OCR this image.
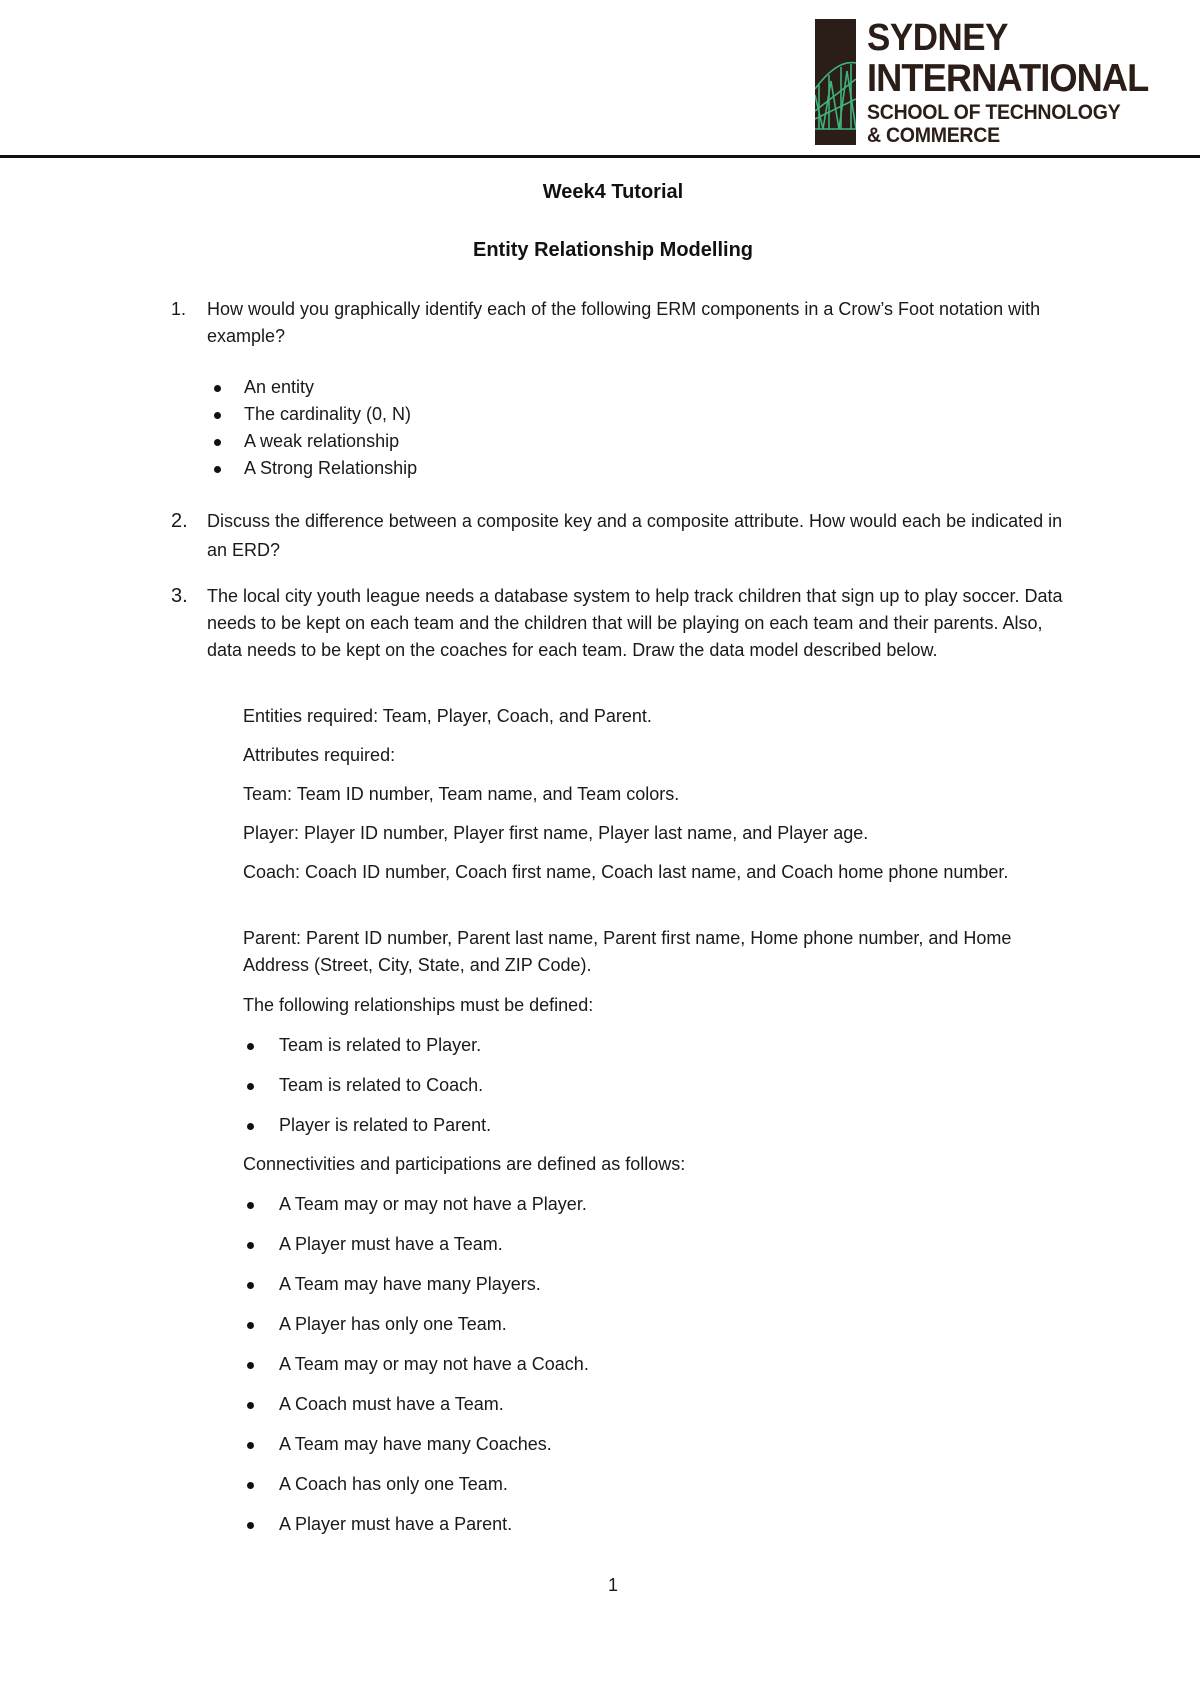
SYDNEY
INTERNATIONAL
SCHOOL OF TECHNOLOGY
& COMMERCE
Week4 Tutorial
Entity Relationship Modelling
1.	How would you graphically identify each of the following ERM components in a Crow’s Foot notation with example?
An entity
The cardinality (0, N)
A weak relationship
A Strong Relationship
2.	Discuss the difference between a composite key and a composite attribute. How would each be indicated in an ERD?
3.	The local city youth league needs a database system to help track children that sign up to play soccer. Data needs to be kept on each team and the children that will be playing on each team and their parents. Also, data needs to be kept on the coaches for each team. Draw the data model described below.
Entities required: Team, Player, Coach, and Parent.
Attributes required:
Team: Team ID number, Team name, and Team colors.
Player: Player ID number, Player first name, Player last name, and Player age.
Coach: Coach ID number, Coach first name, Coach last name, and Coach home phone number.
Parent: Parent ID number, Parent last name, Parent first name, Home phone number, and Home Address (Street, City, State, and ZIP Code).
The following relationships must be defined:
Team is related to Player.
Team is related to Coach.
Player is related to Parent.
Connectivities and participations are defined as follows:
A Team may or may not have a Player.
A Player must have a Team.
A Team may have many Players.
A Player has only one Team.
A Team may or may not have a Coach.
A Coach must have a Team.
A Team may have many Coaches.
A Coach has only one Team.
A Player must have a Parent.
1
